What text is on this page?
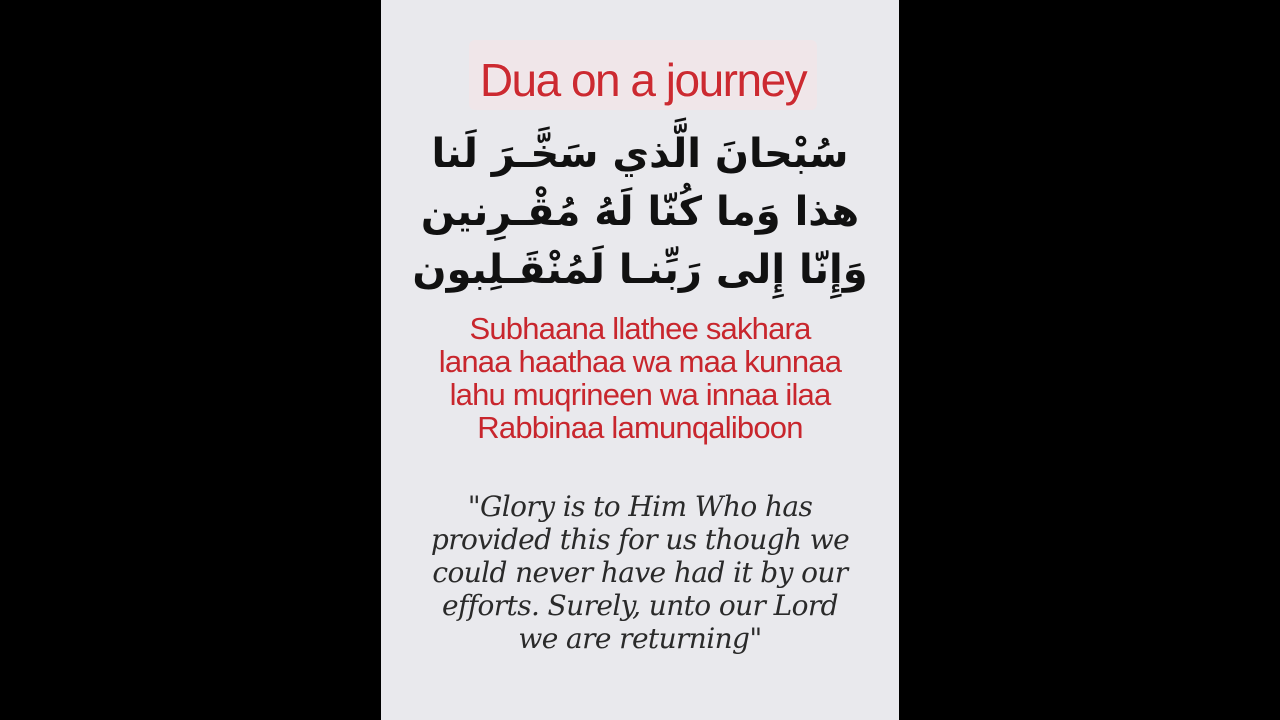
Dua on a journey
سُبْحانَ الَّذي سَخَّـرَ لَنا
هذا وَما كُنّا لَهُ مُقْـرِنين
وَإِنّا إِلى رَبِّنـا لَمُنْقَـلِبون
Subhaana llathee sakhara
lanaa haathaa wa maa kunnaa
lahu muqrineen wa innaa ilaa
Rabbinaa lamunqaliboon
"Glory is to Him Who has
provided this for us though we
could never have had it by our
efforts. Surely, unto our Lord
we are returning"
